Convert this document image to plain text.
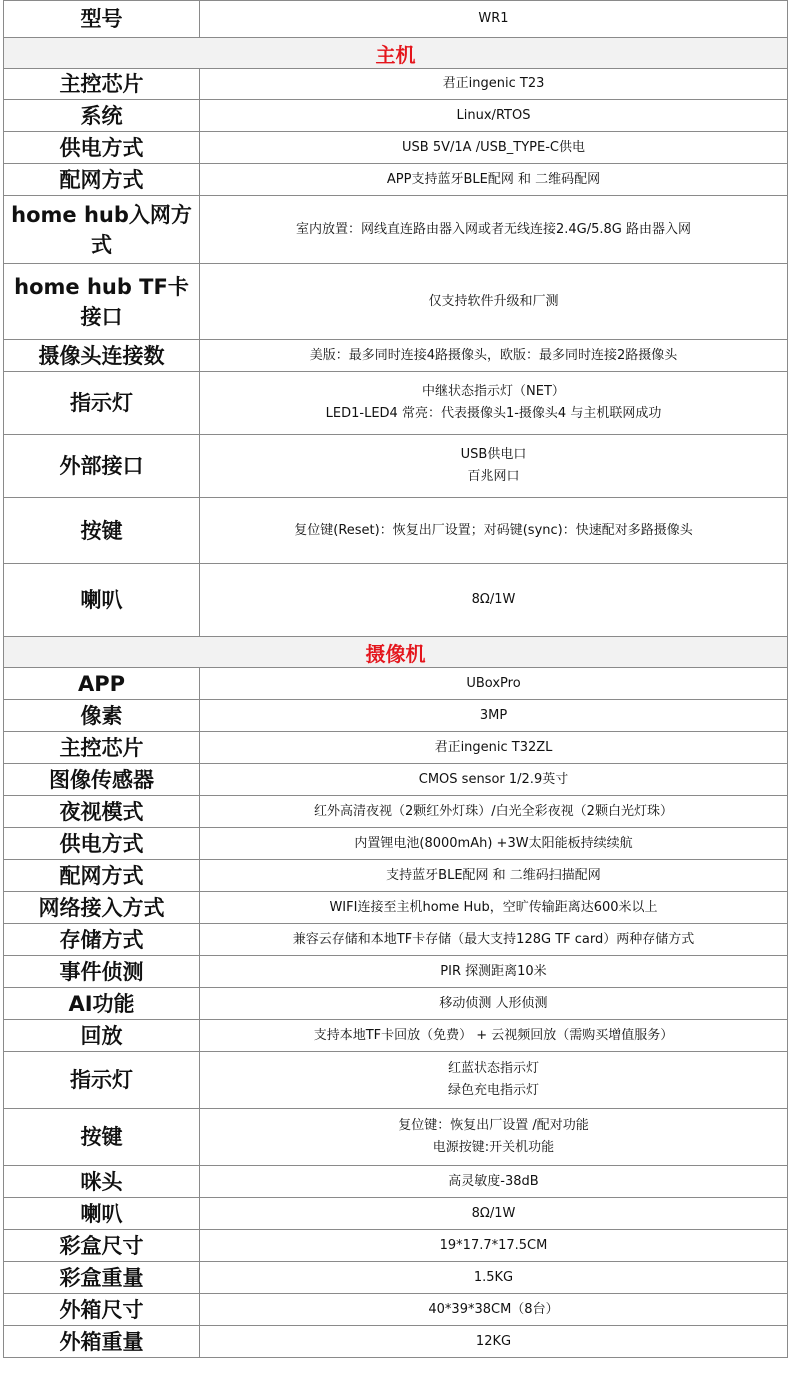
型号	WR1
主机	
主控芯片	君正ingenic T23

系统	Linux/RTOS

供电方式	USB 5V/1A /USB_TYPE-C供电

配网方式	APP支持蓝牙BLE配网 和 二维码配网

home hub入网方式	室内放置：网线直连路由器入网或者无线连接2.4G/5.8G 路由器入网

home hub TF卡接口	仅支持软件升级和厂测

摄像头连接数	美版：最多同时连接4路摄像头，欧版：最多同时连接2路摄像头

指示灯	中继状态指示灯（NET）
LED1-LED4 常亮：代表摄像头1-摄像头4 与主机联网成功

外部接口	USB供电口
百兆网口

按键	复位键(Reset)：恢复出厂设置；对码键(sync)：快速配对多路摄像头

喇叭	8Ω/1W

摄像机	
APP	UBoxPro

像素	3MP

主控芯片	君正ingenic T32ZL

图像传感器	CMOS sensor 1/2.9英寸

夜视模式	红外高清夜视（2颗红外灯珠）/白光全彩夜视（2颗白光灯珠）

供电方式	内置锂电池(8000mAh) +3W太阳能板持续续航

配网方式	支持蓝牙BLE配网 和 二维码扫描配网

网络接入方式	WIFI连接至主机home Hub，空旷传输距离达600米以上

存储方式	兼容云存储和本地TF卡存储（最大支持128G TF card）两种存储方式

事件侦测	PIR 探测距离10米

AI功能	移动侦测 人形侦测

回放	支持本地TF卡回放（免费） + 云视频回放（需购买增值服务）

指示灯	红蓝状态指示灯
绿色充电指示灯

按键	复位键：恢复出厂设置 /配对功能
电源按键:开关机功能

咪头	高灵敏度-38dB

喇叭	8Ω/1W

彩盒尺寸	19*17.7*17.5CM

彩盒重量	1.5KG

外箱尺寸	40*39*38CM（8台）

外箱重量	12KG
